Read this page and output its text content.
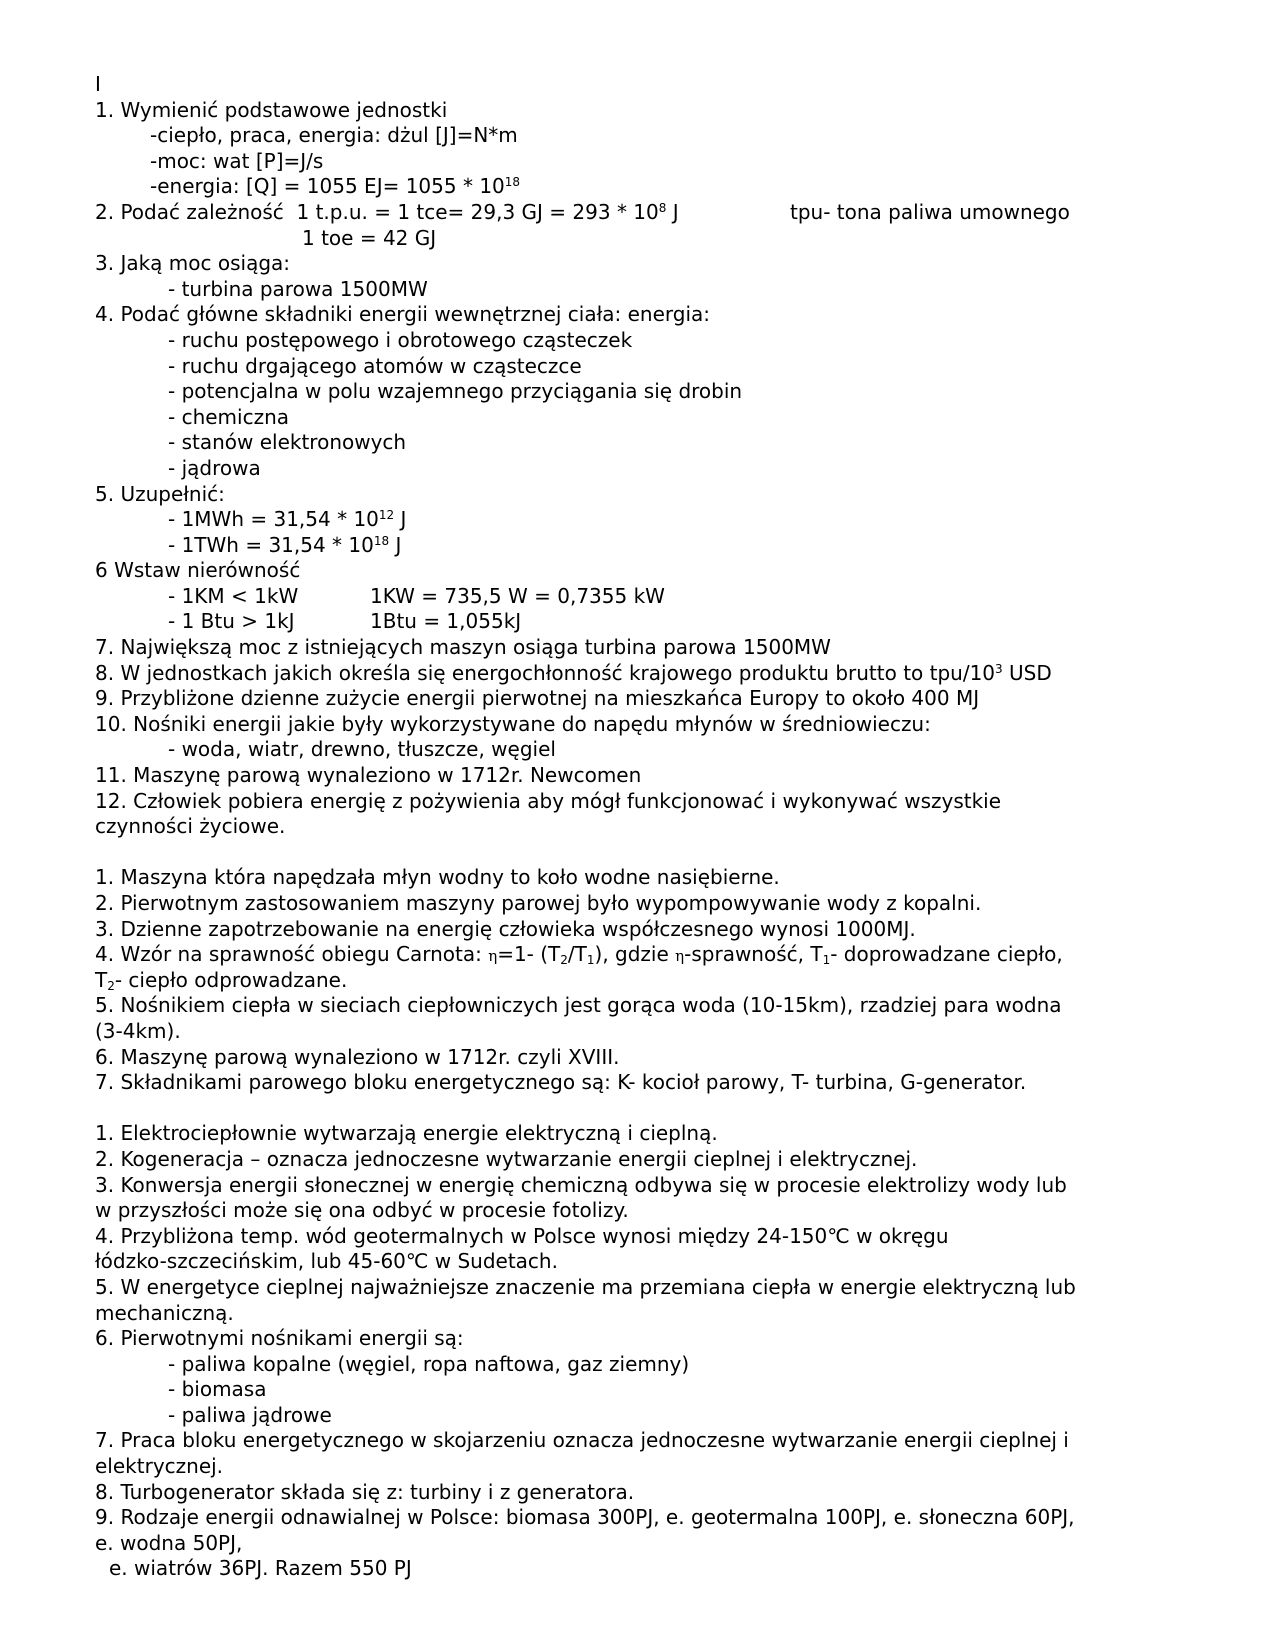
I
1. Wymienić podstawowe jednostki
-ciepło, praca, energia: dżul [J]=N*m
-moc: wat [P]=J/s
-energia: [Q] = 1055 $EJ= 1055 * 10^{18}$
2. Podać zależność  1 t.p.u. = 1 tce= 29,3 GJ = $293 * 10^8$ J	tpu- tona paliwa umownego
1 toe = 42 GJ
3. Jaką moc osiąga:
- turbina parowa 1500MW
4. Podać główne składniki energii wewnętrznej ciała: energia:
- ruchu postępowego i obrotowego cząsteczek
- ruchu drgającego atomów w cząsteczce
- potencjalna w polu wzajemnego przyciągania się drobin
- chemiczna
- stanów elektronowych
- jądrowa
5. Uzupełnić:
- $1MWh = 31,54 * 10^{12}$ J
- $1TWh = 31,54 * 10^{18}$ J
6 Wstaw nierówność
- 1KM < 1kW	1KW = 735,5 W = 0,7355 kW
- 1 Btu > 1kJ	1Btu = 1,055kJ
7. Największą moc z istniejących maszyn osiąga turbina parowa 1500MW
8. W jednostkach jakich określa się energochłonność krajowego produktu brutto to tpu/$10^3$ USD
9. Przybliżone dzienne zużycie energii pierwotnej na mieszkańca Europy to około 400 MJ
10. Nośniki energii jakie były wykorzystywane do napędu młynów w średniowieczu:
- woda, wiatr, drewno, tłuszcze, węgiel
11. Maszynę parową wynaleziono w 1712r. Newcomen
12. Człowiek pobiera energię z pożywienia aby mógł funkcjonować i wykonywać wszystkie
czynności życiowe.
1. Maszyna która napędzała młyn wodny to koło wodne nasiębierne.
2. Pierwotnym zastosowaniem maszyny parowej było wypompowywanie wody z kopalni.
3. Dzienne zapotrzebowanie na energię człowieka współczesnego wynosi 1000MJ.
4. Wzór na sprawność obiegu Carnota: η=1- $(T_2/T_1)$, gdzie η-sprawność, $T_1-$ doprowadzane ciepło,
$T_2-$ ciepło odprowadzane.
5. Nośnikiem ciepła w sieciach ciepłowniczych jest gorąca woda (10-15km), rzadziej para wodna
(3-4km).
6. Maszynę parową wynaleziono w 1712r. czyli XVIII.
7. Składnikami parowego bloku energetycznego są: K- kocioł parowy, T- turbina, G-generator.
1. Elektrociepłownie wytwarzają energie elektryczną i cieplną.
2. Kogeneracja – oznacza jednoczesne wytwarzanie energii cieplnej i elektrycznej.
3. Konwersja energii słonecznej w energię chemiczną odbywa się w procesie elektrolizy wody lub
w przyszłości może się ona odbyć w procesie fotolizy.
4. Przybliżona temp. wód geotermalnych w Polsce wynosi między 24-150℃ w okręgu
łódzko-szczecińskim, lub 45-60℃ w Sudetach.
5. W energetyce cieplnej najważniejsze znaczenie ma przemiana ciepła w energie elektryczną lub
mechaniczną.
6. Pierwotnymi nośnikami energii są:
- paliwa kopalne (węgiel, ropa naftowa, gaz ziemny)
- biomasa
- paliwa jądrowe
7. Praca bloku energetycznego w skojarzeniu oznacza jednoczesne wytwarzanie energii cieplnej i
elektrycznej.
8. Turbogenerator składa się z: turbiny i z generatora.
9. Rodzaje energii odnawialnej w Polsce: biomasa 300PJ, e. geotermalna 100PJ, e. słoneczna 60PJ,
e. wodna 50PJ,
e. wiatrów 36PJ. Razem 550 PJ
